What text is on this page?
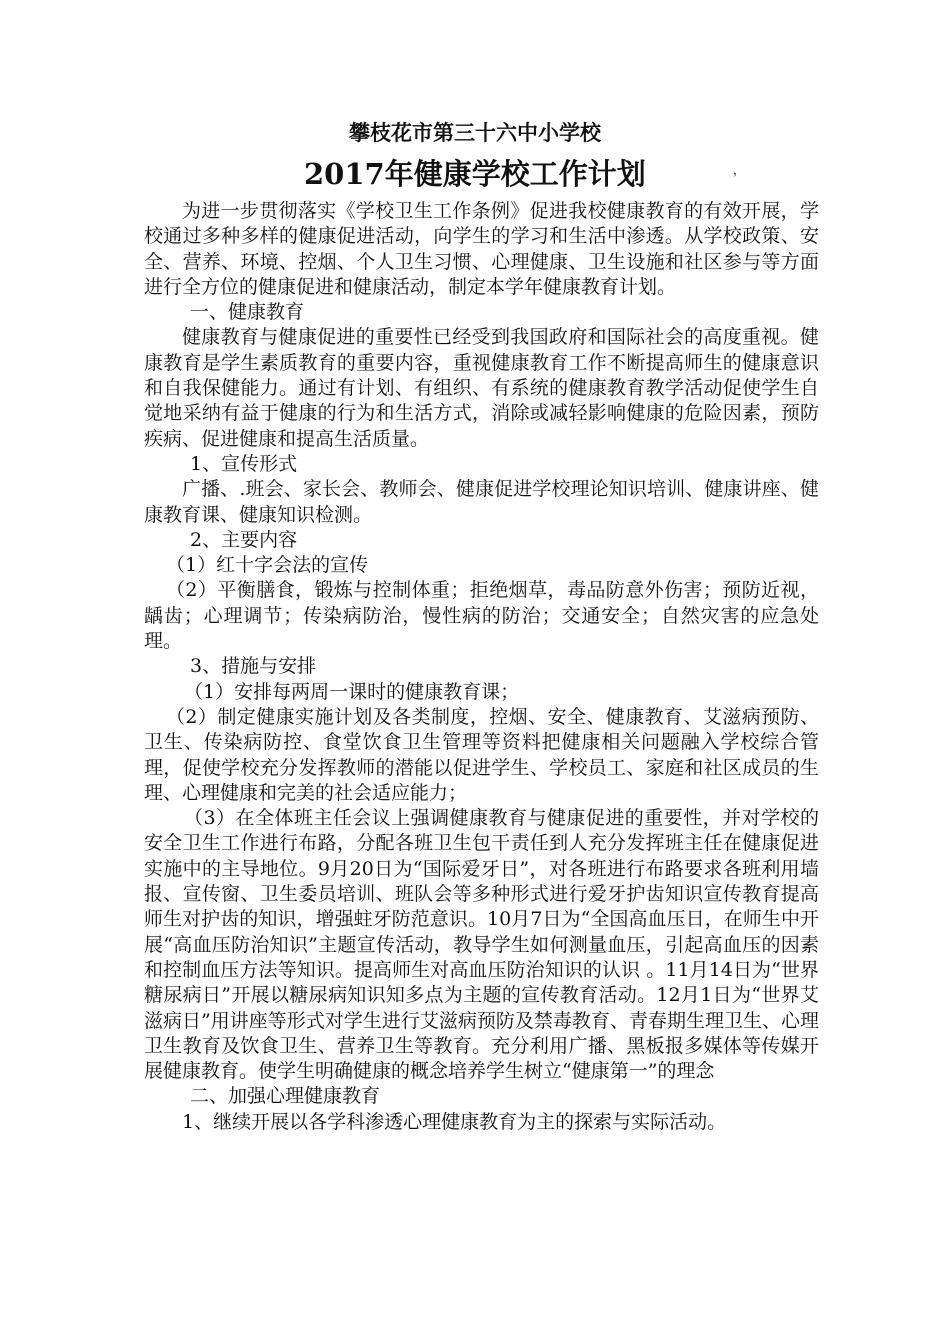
攀枝花市第三十六中小学校
2017年健康学校工作计划	，

为进一步贯彻落实《学校卫生工作条例》促进我校健康教育的有效开展，学校通过多种多样的健康促进活动，向学生的学习和生活中渗透。从学校政策、安全、营养、环境、控烟、个人卫生习惯、心理健康、卫生设施和社区参与等方面进行全方位的健康促进和健康活动，制定本学年健康教育计划。

一、健康教育

健康教育与健康促进的重要性已经受到我国政府和国际社会的高度重视。健康教育是学生素质教育的重要内容，重视健康教育工作不断提高师生的健康意识和自我保健能力。通过有计划、有组织、有系统的健康教育教学活动促使学生自觉地采纳有益于健康的行为和生活方式，消除或减轻影响健康的危险因素，预防疾病、促进健康和提高生活质量。

1、宣传形式

广播、.班会、家长会、教师会、健康促进学校理论知识培训、健康讲座、健康教育课、健康知识检测。

2、主要内容

（1）红十字会法的宣传

（2）平衡膳食，锻炼与控制体重；拒绝烟草，毒品防意外伤害；预防近视，龋齿；心理调节；传染病防治，慢性病的防治；交通安全；自然灾害的应急处理。

3、措施与安排

（1）安排每两周一课时的健康教育课；

（2）制定健康实施计划及各类制度，控烟、安全、健康教育、艾滋病预防、卫生、传染病防控、食堂饮食卫生管理等资料把健康相关问题融入学校综合管理，促使学校充分发挥教师的潜能以促进学生、学校员工、家庭和社区成员的生理、心理健康和完美的社会适应能力；

（3）在全体班主任会议上强调健康教育与健康促进的重要性，并对学校的安全卫生工作进行布路，分配各班卫生包干责任到人充分发挥班主任在健康促进实施中的主导地位。9月20日为“国际爱牙日”，对各班进行布路要求各班利用墙报、宣传窗、卫生委员培训、班队会等多种形式进行爱牙护齿知识宣传教育提高师生对护齿的知识，增强蛀牙防范意识。10月7日为“全国高血压日，在师生中开展“高血压防治知识”主题宣传活动，教导学生如何测量血压，引起高血压的因素和控制血压方法等知识。提高师生对高血压防治知识的认识 。11月14日为“世界糖尿病日”开展以糖尿病知识知多点为主题的宣传教育活动。12月1日为“世界艾滋病日”用讲座等形式对学生进行艾滋病预防及禁毒教育、青春期生理卫生、心理卫生教育及饮食卫生、营养卫生等教育。充分利用广播、黑板报多媒体等传媒开展健康教育。使学生明确健康的概念培养学生树立“健康第一”的理念

二、加强心理健康教育

1、继续开展以各学科渗透心理健康教育为主的探索与实际活动。
